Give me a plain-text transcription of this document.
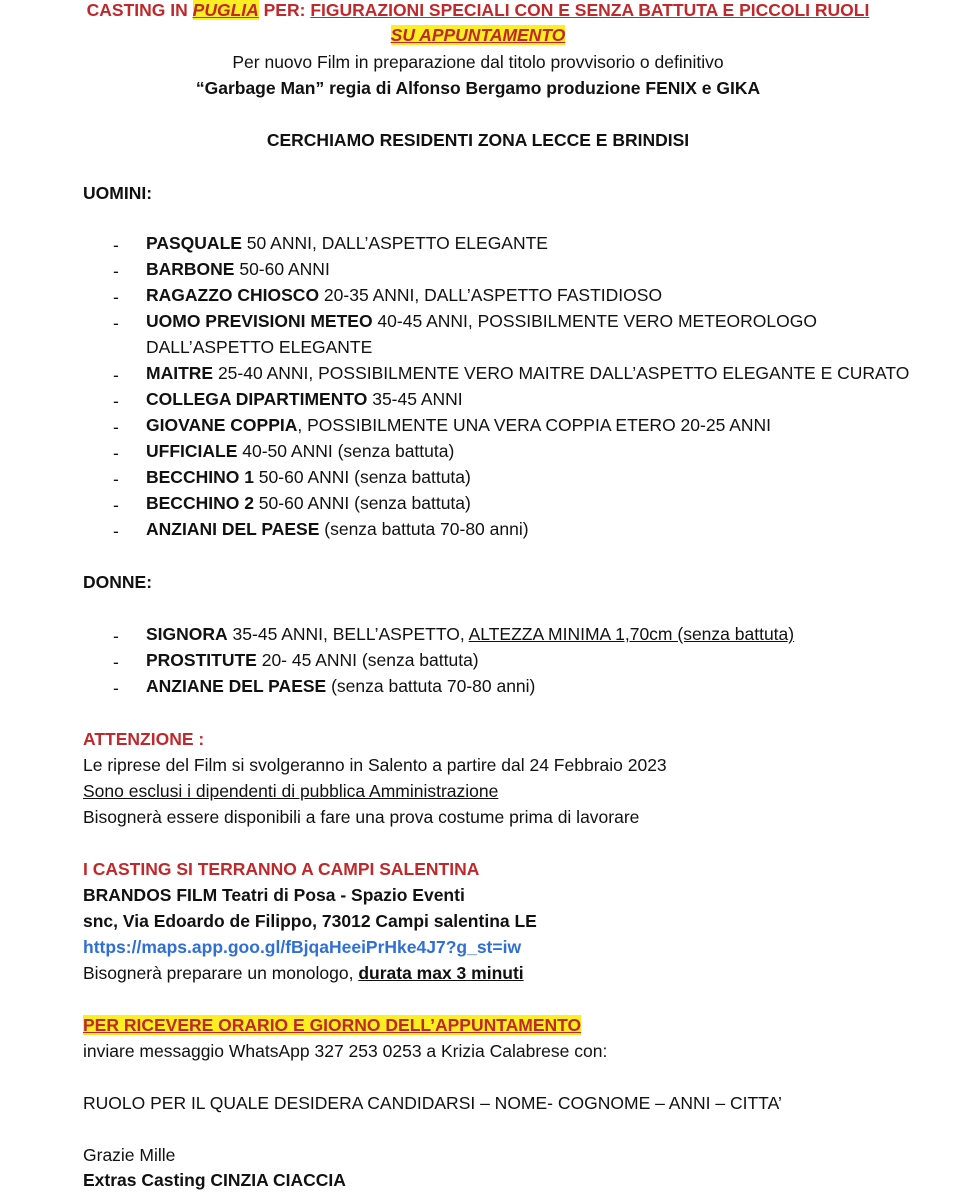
CASTING IN PUGLIA PER: FIGURAZIONI SPECIALI CON E SENZA BATTUTA E PICCOLI RUOLI
SU APPUNTAMENTO
Per nuovo Film in preparazione dal titolo provvisorio o definitivo
“Garbage Man” regia di Alfonso Bergamo produzione FENIX e GIKA
CERCHIAMO RESIDENTI ZONA LECCE E BRINDISI
UOMINI:
- PASQUALE 50 ANNI, DALL’ASPETTO ELEGANTE
- BARBONE 50-60 ANNI
- RAGAZZO CHIOSCO 20-35 ANNI, DALL’ASPETTO FASTIDIOSO
- UOMO PREVISIONI METEO 40-45 ANNI, POSSIBILMENTE VERO METEOROLOGO
DALL’ASPETTO ELEGANTE
- MAITRE 25-40 ANNI, POSSIBILMENTE VERO MAITRE DALL’ASPETTO ELEGANTE E CURATO
- COLLEGA DIPARTIMENTO 35-45 ANNI
- GIOVANE COPPIA, POSSIBILMENTE UNA VERA COPPIA ETERO 20-25 ANNI
- UFFICIALE 40-50 ANNI (senza battuta)
- BECCHINO 1 50-60 ANNI (senza battuta)
- BECCHINO 2 50-60 ANNI (senza battuta)
- ANZIANI DEL PAESE (senza battuta 70-80 anni)
DONNE:
- SIGNORA 35-45 ANNI, BELL’ASPETTO, ALTEZZA MINIMA 1,70cm (senza battuta)
- PROSTITUTE 20- 45 ANNI (senza battuta)
- ANZIANE DEL PAESE (senza battuta 70-80 anni)
ATTENZIONE :
Le riprese del Film si svolgeranno in Salento a partire dal 24 Febbraio 2023
Sono esclusi i dipendenti di pubblica Amministrazione
Bisognerà essere disponibili a fare una prova costume prima di lavorare
I CASTING SI TERRANNO A CAMPI SALENTINA
BRANDOS FILM Teatri di Posa - Spazio Eventi
snc, Via Edoardo de Filippo, 73012 Campi salentina LE
https://maps.app.goo.gl/fBjqaHeeiPrHke4J7?g_st=iw
Bisognerà preparare un monologo, durata max 3 minuti
PER RICEVERE ORARIO E GIORNO DELL’APPUNTAMENTO
inviare messaggio WhatsApp 327 253 0253 a Krizia Calabrese con:
RUOLO PER IL QUALE DESIDERA CANDIDARSI – NOME- COGNOME – ANNI – CITTA’
Grazie Mille
Extras Casting CINZIA CIACCIA
